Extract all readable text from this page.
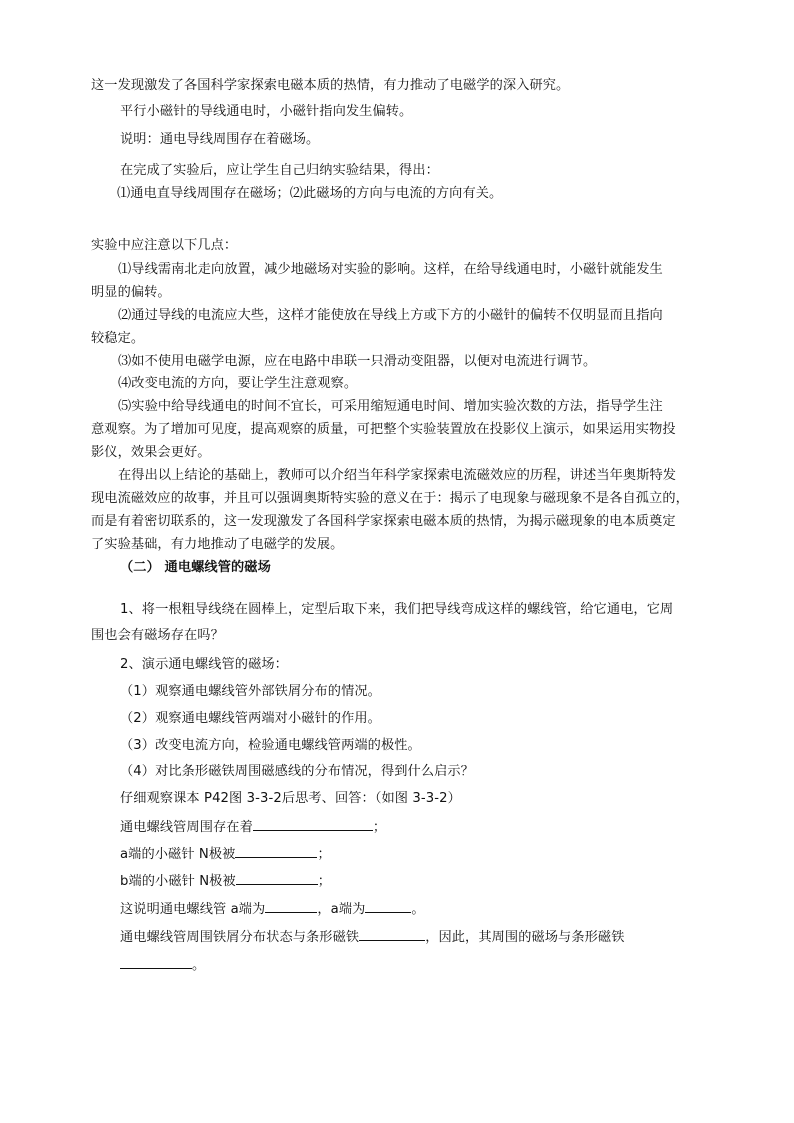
这一发现激发了各国科学家探索电磁本质的热情，有力推动了电磁学的深入研究。
平行小磁针的导线通电时，小磁针指向发生偏转。
说明：通电导线周围存在着磁场。
在完成了实验后，应让学生自己归纳实验结果，得出：
⑴通电直导线周围存在磁场；⑵此磁场的方向与电流的方向有关。
实验中应注意以下几点：
⑴导线需南北走向放置，减少地磁场对实验的影响。这样，在给导线通电时，小磁针就能发生
明显的偏转。
⑵通过导线的电流应大些，这样才能使放在导线上方或下方的小磁针的偏转不仅明显而且指向
较稳定。
⑶如不使用电磁学电源，应在电路中串联一只滑动变阻器，以便对电流进行调节。
⑷改变电流的方向，要让学生注意观察。
⑸实验中给导线通电的时间不宜长，可采用缩短通电时间、增加实验次数的方法，指导学生注
意观察。为了增加可见度，提高观察的质量，可把整个实验装置放在投影仪上演示，如果运用实物投
影仪，效果会更好。
在得出以上结论的基础上，教师可以介绍当年科学家探索电流磁效应的历程，讲述当年奥斯特发
现电流磁效应的故事，并且可以强调奥斯特实验的意义在于：揭示了电现象与磁现象不是各自孤立的，
而是有着密切联系的，这一发现激发了各国科学家探索电磁本质的热情，为揭示磁现象的电本质奠定
了实验基础，有力地推动了电磁学的发展。
（二） 通电螺线管的磁场
1、将一根粗导线绕在圆棒上，定型后取下来，我们把导线弯成这样的螺线管，给它通电，它周
围也会有磁场存在吗？
2、演示通电螺线管的磁场：
（1）观察通电螺线管外部铁屑分布的情况。
（2）观察通电螺线管两端对小磁针的作用。
（3）改变电流方向，检验通电螺线管两端的极性。
（4）对比条形磁铁周围磁感线的分布情况，得到什么启示？
仔细观察课本 P42图 3-3-2后思考、回答：（如图 3-3-2）
通电螺线管周围存在着	；
a端的小磁针 N极被	；
b端的小磁针 N极被	；
这说明通电螺线管 a端为	，a端为	。
通电螺线管周围铁屑分布状态与条形磁铁	，因此，其周围的磁场与条形磁铁
。
